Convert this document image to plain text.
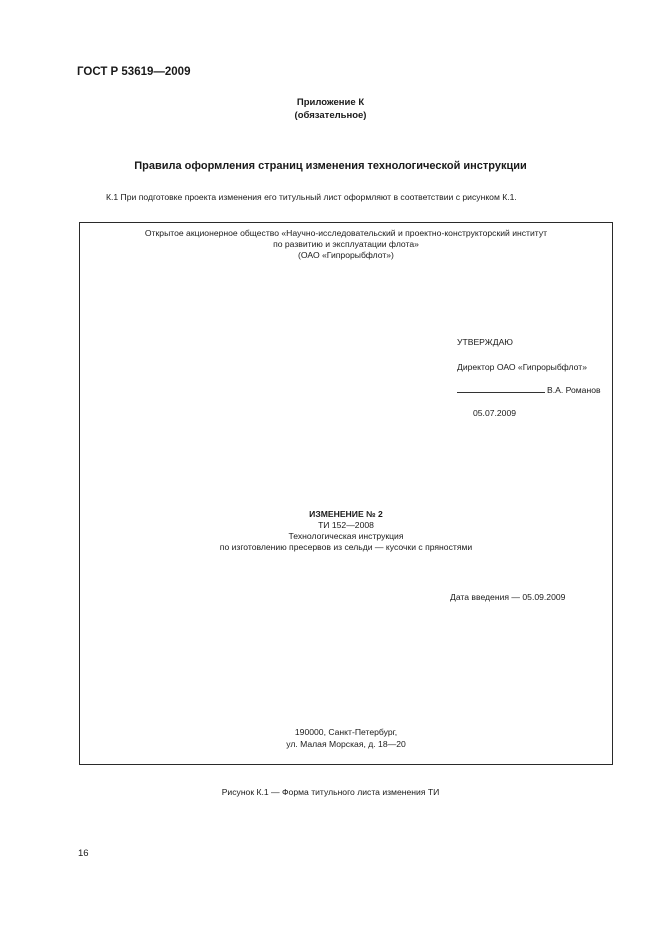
ГОСТ Р 53619—2009
Приложение К
(обязательное)
Правила оформления страниц изменения технологической инструкции
К.1 При подготовке проекта изменения его титульный лист оформляют в соответствии с рисунком К.1.
Открытое акционерное общество «Научно-исследовательский и проектно-конструкторский институт
по развитию и эксплуатации флота»
(ОАО «Гипрорыбфлот»)
УТВЕРЖДАЮ
Директор ОАО «Гипрорыбфлот»
В.А. Романов
05.07.2009
ИЗМЕНЕНИЕ № 2
ТИ 152—2008
Технологическая инструкция
по изготовлению пресервов из сельди — кусочки с пряностями
Дата введения — 05.09.2009
190000, Санкт-Петербург,
ул. Малая Морская, д. 18—20
Рисунок К.1 — Форма титульного листа изменения ТИ
16
